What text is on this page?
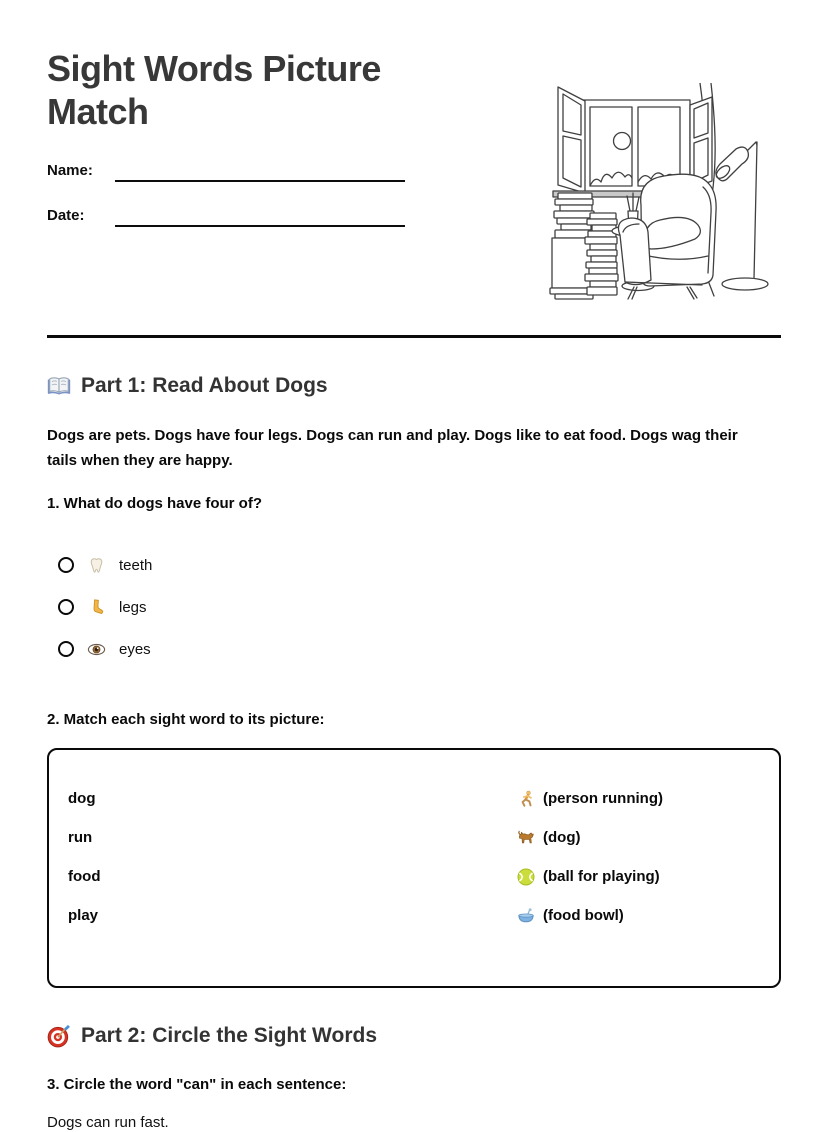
Sight Words Picture Match
Name:
Date:
Part 1: Read About Dogs

Dogs are pets. Dogs have four legs. Dogs can run and play. Dogs like to eat food. Dogs wag their tails when they are happy.

1. What do dogs have four of?

teeth
legs
eyes

2. Match each sight word to its picture:

dog	(person running)
run	(dog)
food	(ball for playing)
play	(food bowl)
Part 2: Circle the Sight Words

3. Circle the word "can" in each sentence:

Dogs can run fast.
